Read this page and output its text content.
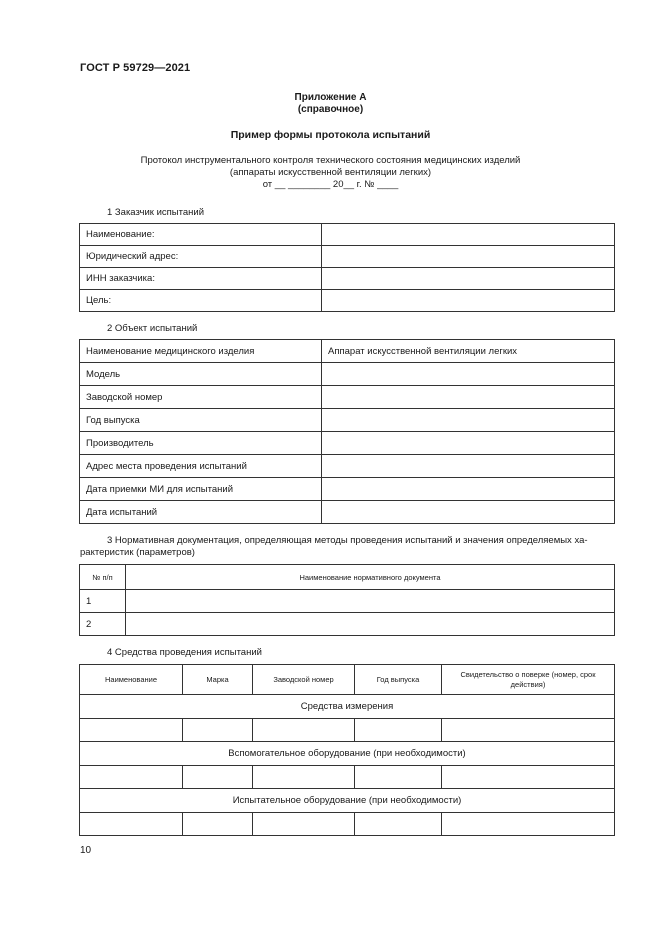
ГОСТ Р 59729—2021
Приложение А
(справочное)
Пример формы протокола испытаний
Протокол инструментального контроля технического состояния медицинских изделий
(аппараты искусственной вентиляции легких)
от __ ________ 20__ г. № ____
1 Заказчик испытаний
Наименование:	
Юридический адрес:	
ИНН заказчика:	
Цель:	
2 Объект испытаний
Наименование медицинского изделия	Аппарат искусственной вентиляции легких
Модель	
Заводской номер	
Год выпуска	
Производитель	
Адрес места проведения испытаний	
Дата приемки МИ для испытаний	
Дата испытаний	
3 Нормативная документация, определяющая методы проведения испытаний и значения определяемых ха-
рактеристик (параметров)
№ п/п	Наименование нормативного документа
1	
2	
4 Средства проведения испытаний
Наименование	Марка	Заводской номер	Год выпуска	Свидетельство о поверке (номер, срок действия)
Средства измерения				

Вспомогательное оборудование (при необходимости)				

Испытательное оборудование (при необходимости)				

10
